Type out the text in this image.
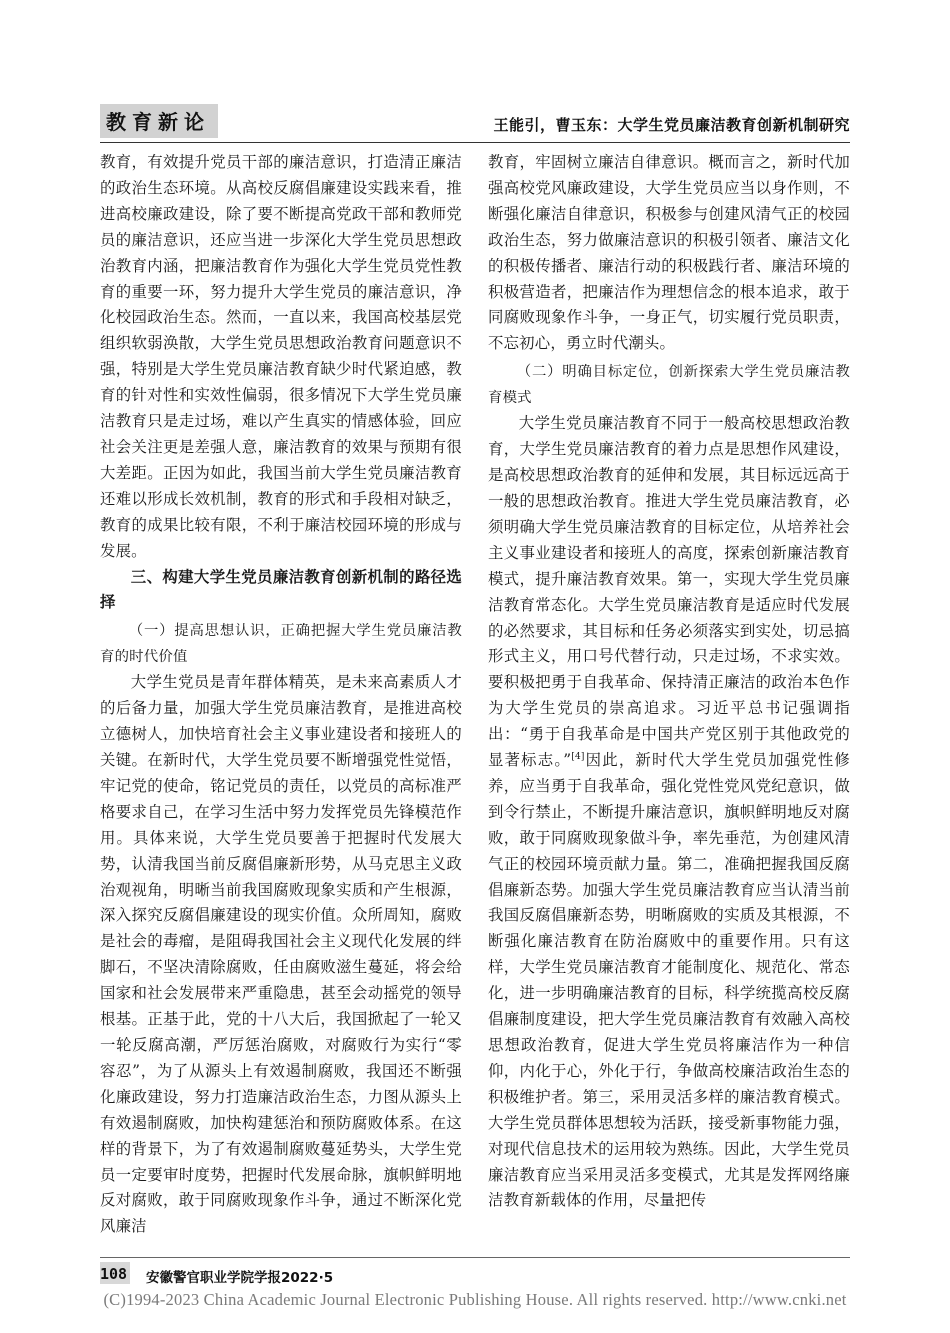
教育新论	王能引，曹玉东：大学生党员廉洁教育创新机制研究

教育，有效提升党员干部的廉洁意识，打造清正廉洁的政治生态环境。从高校反腐倡廉建设实践来看，推进高校廉政建设，除了要不断提高党政干部和教师党员的廉洁意识，还应当进一步深化大学生党员思想政治教育内涵，把廉洁教育作为强化大学生党员党性教育的重要一环，努力提升大学生党员的廉洁意识，净化校园政治生态。然而，一直以来，我国高校基层党组织软弱涣散，大学生党员思想政治教育问题意识不强，特别是大学生党员廉洁教育缺少时代紧迫感，教育的针对性和实效性偏弱，很多情况下大学生党员廉洁教育只是走过场，难以产生真实的情感体验，回应社会关注更是差强人意，廉洁教育的效果与预期有很大差距。正因为如此，我国当前大学生党员廉洁教育还难以形成长效机制，教育的形式和手段相对缺乏，教育的成果比较有限，不利于廉洁校园环境的形成与发展。

三、构建大学生党员廉洁教育创新机制的路径选择
（一）提高思想认识，正确把握大学生党员廉洁教育的时代价值

大学生党员是青年群体精英，是未来高素质人才的后备力量，加强大学生党员廉洁教育，是推进高校立德树人，加快培育社会主义事业建设者和接班人的关键。在新时代，大学生党员要不断增强党性觉悟，牢记党的使命，铭记党员的责任，以党员的高标准严格要求自己，在学习生活中努力发挥党员先锋模范作用。具体来说，大学生党员要善于把握时代发展大势，认清我国当前反腐倡廉新形势，从马克思主义政治观视角，明晰当前我国腐败现象实质和产生根源，深入探究反腐倡廉建设的现实价值。众所周知，腐败是社会的毒瘤，是阻碍我国社会主义现代化发展的绊脚石，不坚决清除腐败，任由腐败滋生蔓延，将会给国家和社会发展带来严重隐患，甚至会动摇党的领导根基。正基于此，党的十八大后，我国掀起了一轮又一轮反腐高潮，严厉惩治腐败，对腐败行为实行“零容忍”，为了从源头上有效遏制腐败，我国还不断强化廉政建设，努力打造廉洁政治生态，力图从源头上有效遏制腐败，加快构建惩治和预防腐败体系。在这样的背景下，为了有效遏制腐败蔓延势头，大学生党员一定要审时度势，把握时代发展命脉，旗帜鲜明地反对腐败，敢于同腐败现象作斗争，通过不断深化党风廉洁

教育，牢固树立廉洁自律意识。概而言之，新时代加强高校党风廉政建设，大学生党员应当以身作则，不断强化廉洁自律意识，积极参与创建风清气正的校园政治生态，努力做廉洁意识的积极引领者、廉洁文化的积极传播者、廉洁行动的积极践行者、廉洁环境的积极营造者，把廉洁作为理想信念的根本追求，敢于同腐败现象作斗争，一身正气，切实履行党员职责，不忘初心，勇立时代潮头。

（二）明确目标定位，创新探索大学生党员廉洁教育模式

大学生党员廉洁教育不同于一般高校思想政治教育，大学生党员廉洁教育的着力点是思想作风建设，是高校思想政治教育的延伸和发展，其目标远远高于一般的思想政治教育。推进大学生党员廉洁教育，必须明确大学生党员廉洁教育的目标定位，从培养社会主义事业建设者和接班人的高度，探索创新廉洁教育模式，提升廉洁教育效果。第一，实现大学生党员廉洁教育常态化。大学生党员廉洁教育是适应时代发展的必然要求，其目标和任务必须落实到实处，切忌搞形式主义，用口号代替行动，只走过场，不求实效。要积极把勇于自我革命、保持清正廉洁的政治本色作为大学生党员的崇高追求。习近平总书记强调指出：“勇于自我革命是中国共产党区别于其他政党的显著标志。”[4]因此，新时代大学生党员加强党性修养，应当勇于自我革命，强化党性党风党纪意识，做到令行禁止，不断提升廉洁意识，旗帜鲜明地反对腐败，敢于同腐败现象做斗争，率先垂范，为创建风清气正的校园环境贡献力量。第二，准确把握我国反腐倡廉新态势。加强大学生党员廉洁教育应当认清当前我国反腐倡廉新态势，明晰腐败的实质及其根源，不断强化廉洁教育在防治腐败中的重要作用。只有这样，大学生党员廉洁教育才能制度化、规范化、常态化，进一步明确廉洁教育的目标，科学统揽高校反腐倡廉制度建设，把大学生党员廉洁教育有效融入高校思想政治教育，促进大学生党员将廉洁作为一种信仰，内化于心，外化于行，争做高校廉洁政治生态的积极维护者。第三，采用灵活多样的廉洁教育模式。大学生党员群体思想较为活跃，接受新事物能力强，对现代信息技术的运用较为熟练。因此，大学生党员廉洁教育应当采用灵活多变模式，尤其是发挥网络廉洁教育新载体的作用，尽量把传

108 安徽警官职业学院学报2022·5
(C)1994-2023 China Academic Journal Electronic Publishing House. All rights reserved. http://www.cnki.net
